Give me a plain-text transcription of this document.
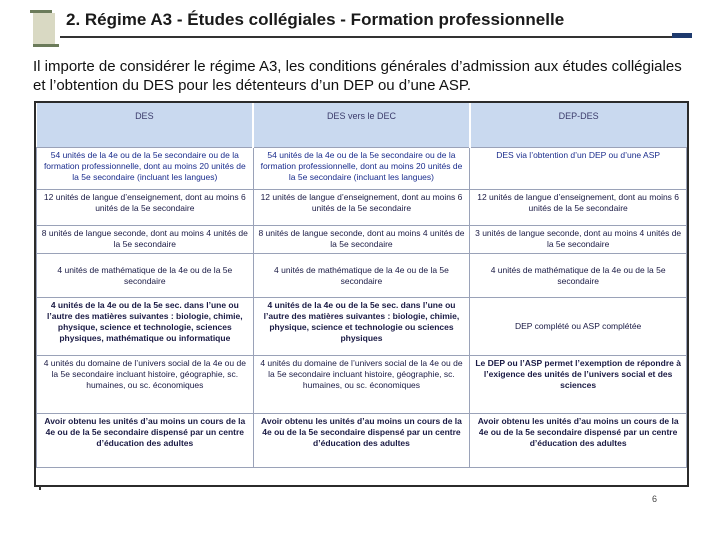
2. Régime A3 - Études collégiales - Formation professionnelle
Il importe de considérer le régime A3, les conditions générales d’admission aux études collégiales et l’obtention du DES pour les détenteurs d’un DEP ou d’une ASP.
DES	DES vers le DEC	DEP-DES
54 unités de la 4e ou de la 5e secondaire ou de la formation professionnelle, dont au moins 20 unités de la 5e secondaire (incluant les langues)	54 unités de la 4e ou de la 5e secondaire ou de la formation professionnelle, dont au moins 20 unités de la 5e secondaire (incluant les langues)	DES via l’obtention d’un DEP ou d’une ASP
12 unités de langue d’enseignement, dont au moins 6 unités de la 5e secondaire	12 unités de langue d’enseignement, dont au moins 6 unités de la 5e secondaire	12 unités de langue d’enseignement, dont au moins 6 unités de la 5e secondaire
8 unités de langue seconde, dont au moins 4 unités de la 5e secondaire	8 unités de langue seconde, dont au moins 4 unités de la 5e secondaire	3 unités de langue seconde, dont au moins 4 unités de la 5e secondaire
4 unités de mathématique de la 4e ou de la 5e secondaire	4 unités de mathématique de la 4e ou de la 5e secondaire	4 unités de mathématique de la 4e ou de la 5e secondaire
4 unités de la 4e ou de la 5e sec. dans l’une ou l’autre des matières suivantes : biologie, chimie, physique, science et technologie, sciences physiques, mathématique ou informatique	4 unités de la 4e ou de la 5e sec. dans l’une ou l’autre des matières suivantes : biologie, chimie, physique, science et technologie ou sciences physiques	DEP complété ou ASP complétée
4 unités du domaine de l’univers social de la 4e ou de la 5e secondaire incluant histoire, géographie, sc. humaines, ou sc. économiques	4 unités du domaine de l’univers social de la 4e ou de la 5e secondaire incluant histoire, géographie, sc. humaines, ou sc. économiques	Le DEP ou l’ASP permet l’exemption de répondre à l’exigence des unités de l’univers social et des sciences
Avoir obtenu les unités d’au moins un cours de la 4e ou de la 5e secondaire dispensé par un centre d’éducation des adultes	Avoir obtenu les unités d’au moins un cours de la 4e ou de la 5e secondaire dispensé par un centre d’éducation des adultes	Avoir obtenu les unités d’au moins un cours de la 4e ou de la 5e secondaire dispensé par un centre d’éducation des adultes
6
